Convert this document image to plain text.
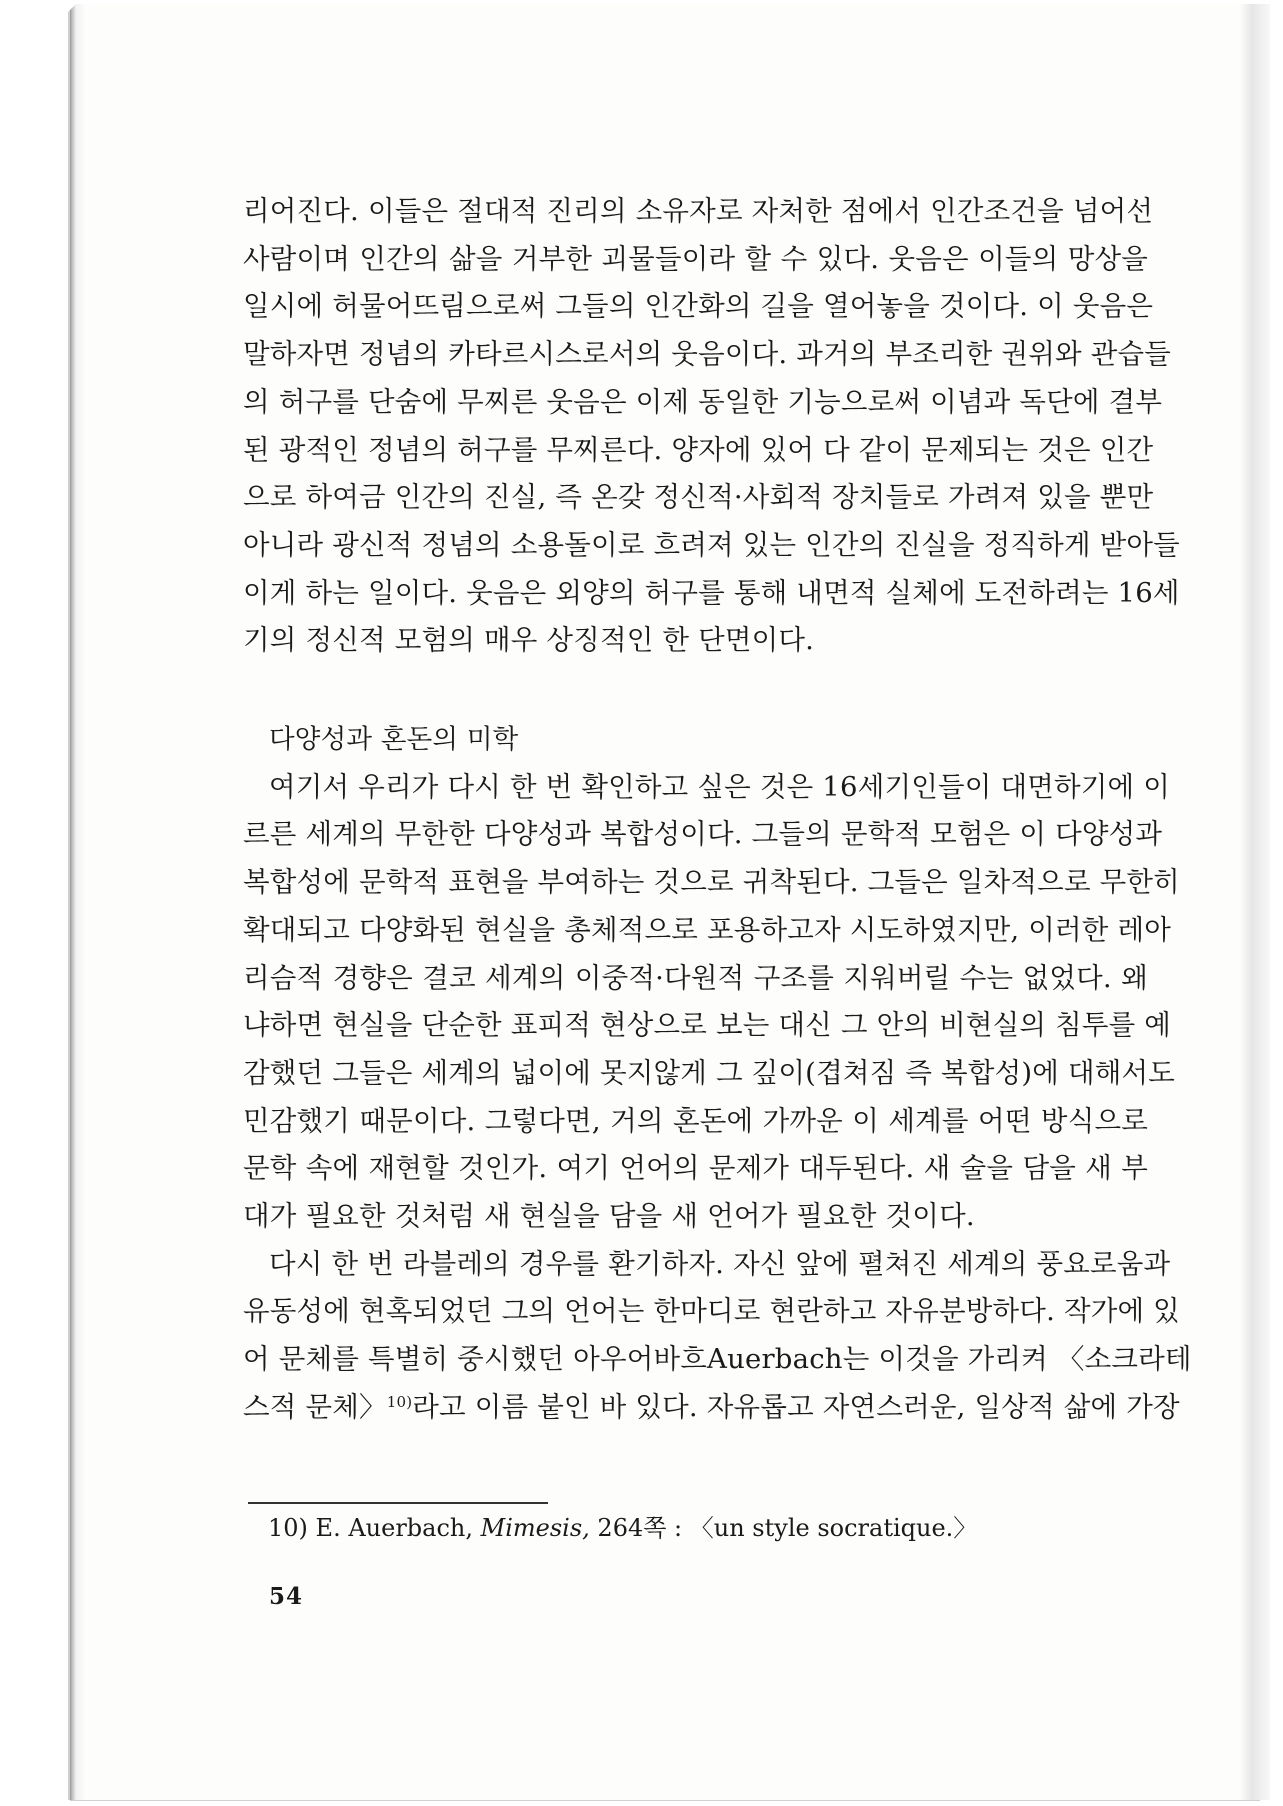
리어진다. 이들은 절대적 진리의 소유자로 자처한 점에서 인간조건을 넘어선
사람이며 인간의 삶을 거부한 괴물들이라 할 수 있다. 웃음은 이들의 망상을
일시에 허물어뜨림으로써 그들의 인간화의 길을 열어놓을 것이다. 이 웃음은
말하자면 정념의 카타르시스로서의 웃음이다. 과거의 부조리한 권위와 관습들
의 허구를 단숨에 무찌른 웃음은 이제 동일한 기능으로써 이념과 독단에 결부
된 광적인 정념의 허구를 무찌른다. 양자에 있어 다 같이 문제되는 것은 인간
으로 하여금 인간의 진실, 즉 온갖 정신적·사회적 장치들로 가려져 있을 뿐만
아니라 광신적 정념의 소용돌이로 흐려져 있는 인간의 진실을 정직하게 받아들
이게 하는 일이다. 웃음은 외양의 허구를 통해 내면적 실체에 도전하려는 16세
기의 정신적 모험의 매우 상징적인 한 단면이다.
다양성과 혼돈의 미학
여기서 우리가 다시 한 번 확인하고 싶은 것은 16세기인들이 대면하기에 이
르른 세계의 무한한 다양성과 복합성이다. 그들의 문학적 모험은 이 다양성과
복합성에 문학적 표현을 부여하는 것으로 귀착된다. 그들은 일차적으로 무한히
확대되고 다양화된 현실을 총체적으로 포용하고자 시도하였지만, 이러한 레아
리슴적 경향은 결코 세계의 이중적·다원적 구조를 지워버릴 수는 없었다. 왜
냐하면 현실을 단순한 표피적 현상으로 보는 대신 그 안의 비현실의 침투를 예
감했던 그들은 세계의 넓이에 못지않게 그 깊이(겹쳐짐 즉 복합성)에 대해서도
민감했기 때문이다. 그렇다면, 거의 혼돈에 가까운 이 세계를 어떤 방식으로
문학 속에 재현할 것인가. 여기 언어의 문제가 대두된다. 새 술을 담을 새 부
대가 필요한 것처럼 새 현실을 담을 새 언어가 필요한 것이다.
다시 한 번 라블레의 경우를 환기하자. 자신 앞에 펼쳐진 세계의 풍요로움과
유동성에 현혹되었던 그의 언어는 한마디로 현란하고 자유분방하다. 작가에 있
어 문체를 특별히 중시했던 아우어바흐Auerbach는 이것을 가리켜 〈소크라테
스적 문체〉$^{10)}$라고 이름 붙인 바 있다. 자유롭고 자연스러운, 일상적 삶에 가장
10) E. Auerbach, Mimesis, 264쪽 : 〈un style socratique.〉
54
